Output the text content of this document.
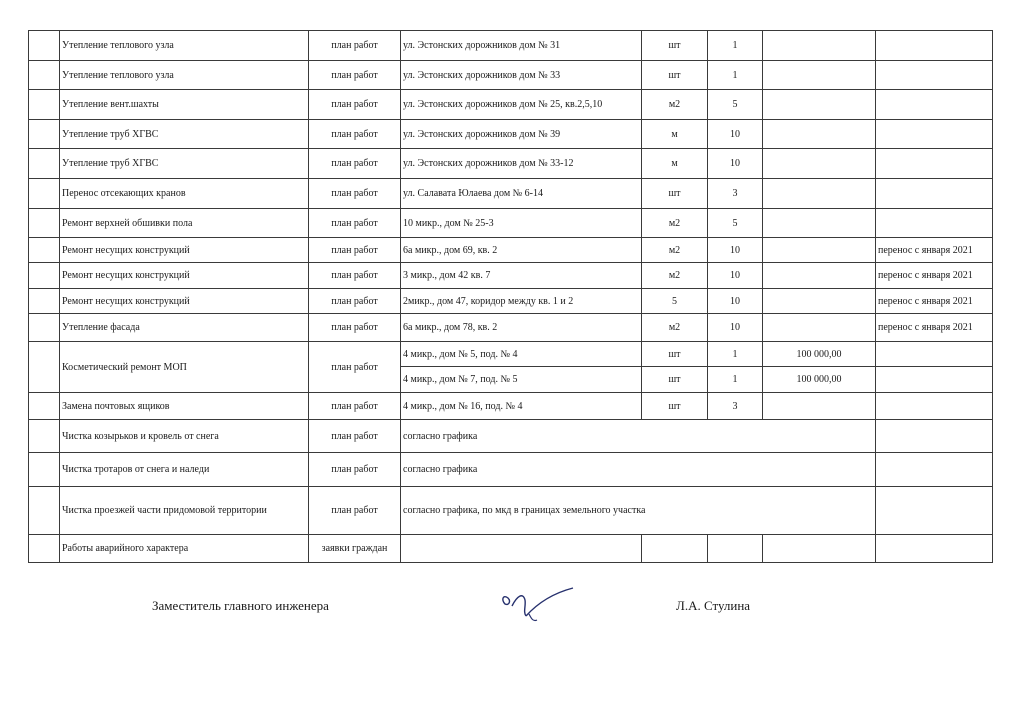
	Утепление теплового узла	план работ	ул. Эстонских дорожников дом № 31	шт	1		
	Утепление теплового узла	план работ	ул. Эстонских дорожников дом № 33	шт	1		
	Утепление вент.шахты	план работ	ул. Эстонских дорожников дом № 25, кв.2,5,10	м2	5		
	Утепление труб ХГВС	план работ	ул. Эстонских дорожников дом № 39	м	10		
	Утепление труб ХГВС	план работ	ул. Эстонских дорожников дом № 33-12	м	10		
	Перенос отсекающих кранов	план работ	ул. Салавата Юлаева дом № 6-14	шт	3		
	Ремонт верхней обшивки пола	план работ	10 микр., дом № 25-3	м2	5		
	Ремонт несущих конструкций	план работ	6а микр., дом 69, кв. 2	м2	10		перенос с января 2021
	Ремонт несущих конструкций	план работ	3 микр., дом 42 кв. 7	м2	10		перенос с января 2021
	Ремонт несущих конструкций	план работ	2микр., дом 47, коридор между кв. 1 и 2	5	10		перенос с января 2021
	Утепление фасада	план работ	6а микр., дом 78, кв. 2	м2	10		перенос с января 2021
	Косметический ремонт МОП	план работ	4 микр., дом № 5, под. № 4	шт	1	100 000,00	
			4 микр., дом № 7, под. № 5	шт	1	100 000,00	
	Замена почтовых ящиков	план работ	4 микр., дом № 16, под. № 4	шт	3		
	Чистка козырьков и кровель от снега	план работ	согласно графика				
	Чистка тротаров от снега и наледи	план работ	согласно графика				
	Чистка проезжей части придомовой территории	план работ	согласно графика, по мкд в границах земельного участка				
	Работы аварийного характера	заявки граждан					
Заместитель главного инженера	Л.А. Стулина
